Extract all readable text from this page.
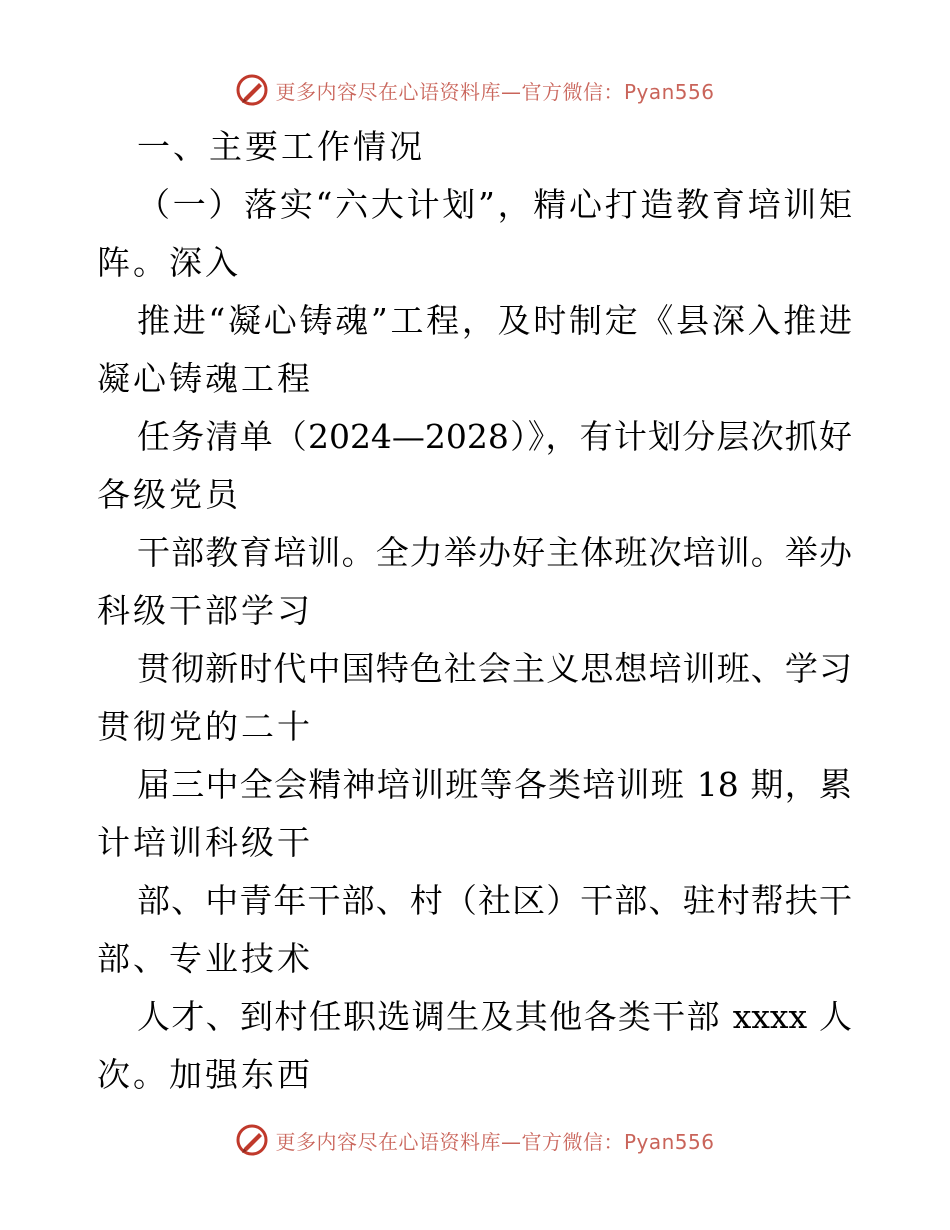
更多内容尽在心语资料库—官方微信：Pyan556
一、主要工作情况
（一）落实“六大计划”，精心打造教育培训矩
阵。深入
推进“凝心铸魂”工程，及时制定《县深入推进
凝心铸魂工程
任务清单（2024—2028）》，有计划分层次抓好
各级党员
干部教育培训。全力举办好主体班次培训。举办
科级干部学习
贯彻新时代中国特色社会主义思想培训班、学习
贯彻党的二十
届三中全会精神培训班等各类培训班 18 期，累
计培训科级干
部、中青年干部、村（社区）干部、驻村帮扶干
部、专业技术
人才、到村任职选调生及其他各类干部 xxxx 人
次。加强东西
更多内容尽在心语资料库—官方微信：Pyan556
